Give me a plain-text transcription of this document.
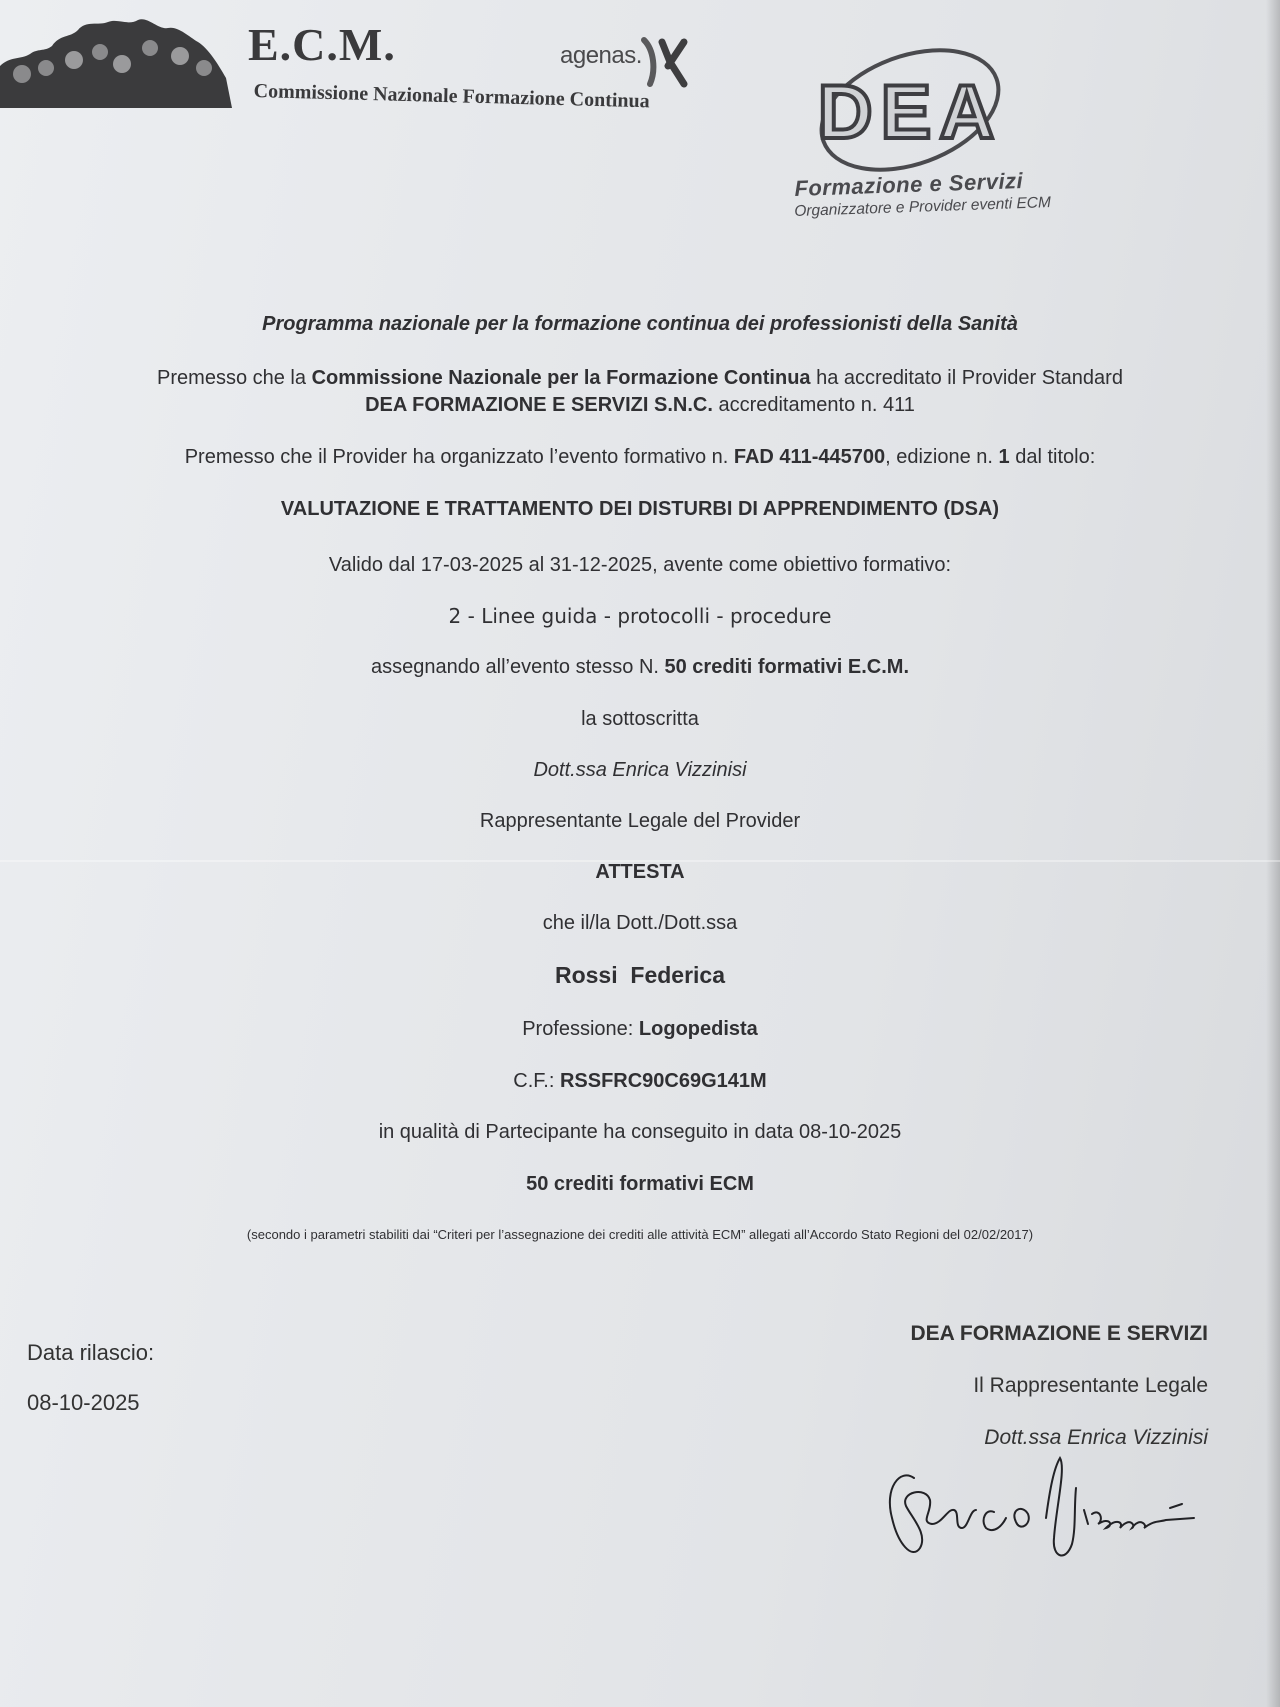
E.C.M.
Commissione Nazionale Formazione Continua
agenas.
DEA
Formazione e Servizi
Organizzatore e Provider eventi ECM
Programma nazionale per la formazione continua dei professionisti della Sanità
Premesso che la Commissione Nazionale per la Formazione Continua ha accreditato il Provider Standard
DEA FORMAZIONE E SERVIZI S.N.C. accreditamento n. 411
Premesso che il Provider ha organizzato l’evento formativo n. FAD 411-445700, edizione n. 1 dal titolo:
VALUTAZIONE E TRATTAMENTO DEI DISTURBI DI APPRENDIMENTO (DSA)
Valido dal 17-03-2025 al 31-12-2025, avente come obiettivo formativo:
2 - Linee guida - protocolli - procedure
assegnando all’evento stesso N. 50 crediti formativi E.C.M.
la sottoscritta
Dott.ssa Enrica Vizzinisi
Rappresentante Legale del Provider
ATTESTA
che il/la Dott./Dott.ssa
Rossi  Federica
Professione: Logopedista
C.F.: RSSFRC90C69G141M
in qualità di Partecipante ha conseguito in data 08-10-2025
50 crediti formativi ECM
(secondo i parametri stabiliti dai “Criteri per l’assegnazione dei crediti alle attività ECM” allegati all’Accordo Stato Regioni del 02/02/2017)
Data rilascio:
08-10-2025
DEA FORMAZIONE E SERVIZI
Il Rappresentante Legale
Dott.ssa Enrica Vizzinisi
